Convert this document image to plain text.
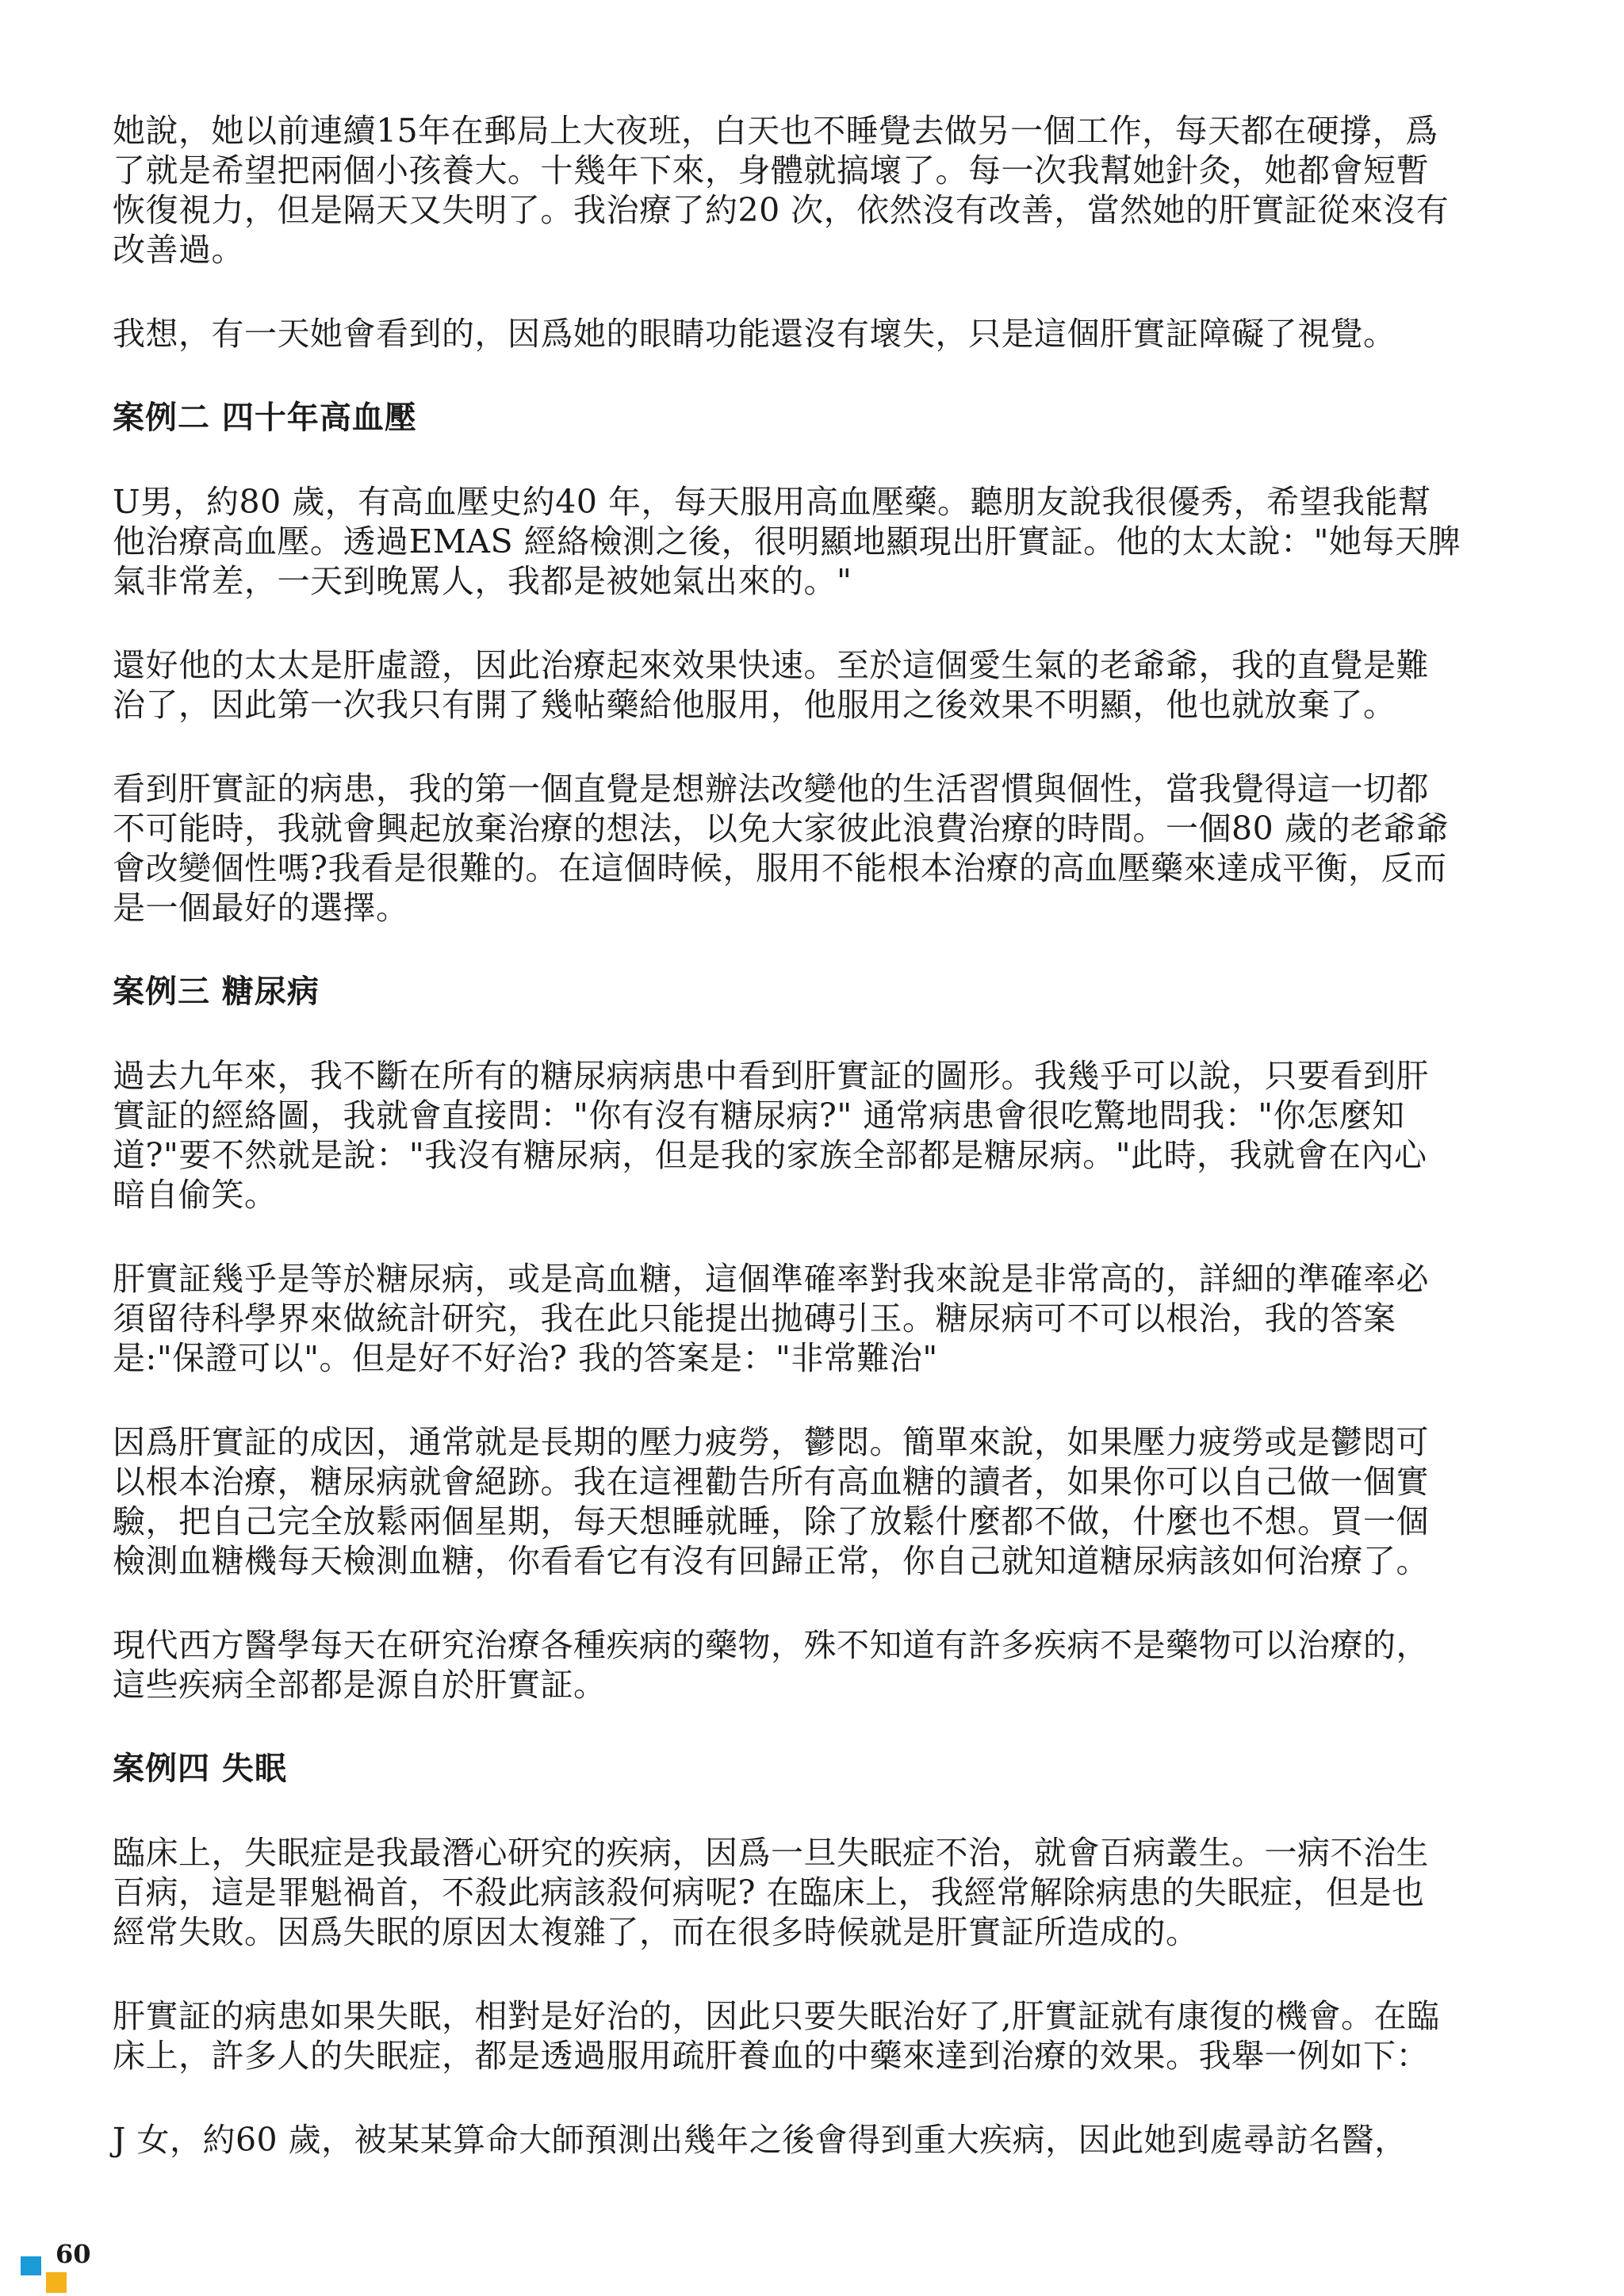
她說，她以前連續15年在郵局上大夜班，白天也不睡覺去做另一個工作，每天都在硬撐，爲
了就是希望把兩個小孩養大。十幾年下來，身體就搞壞了。每一次我幫她針灸，她都會短暫
恢復視力，但是隔天又失明了。我治療了約20 次，依然沒有改善，當然她的肝實証從來沒有
改善過。
我想，有一天她會看到的，因爲她的眼睛功能還沒有壞失，只是這個肝實証障礙了視覺。
案例二 四十年高血壓
U男，約80 歲，有高血壓史約40 年，每天服用高血壓藥。聽朋友說我很優秀，希望我能幫
他治療高血壓。透過EMAS 經絡檢測之後，很明顯地顯現出肝實証。他的太太說："她每天脾
氣非常差，一天到晚罵人，我都是被她氣出來的。"
還好他的太太是肝虛證，因此治療起來效果快速。至於這個愛生氣的老爺爺，我的直覺是難
治了，因此第一次我只有開了幾帖藥給他服用，他服用之後效果不明顯，他也就放棄了。
看到肝實証的病患，我的第一個直覺是想辦法改變他的生活習慣與個性，當我覺得這一切都
不可能時，我就會興起放棄治療的想法，以免大家彼此浪費治療的時間。一個80 歲的老爺爺
會改變個性嗎?我看是很難的。在這個時候，服用不能根本治療的高血壓藥來達成平衡，反而
是一個最好的選擇。
案例三 糖尿病
過去九年來，我不斷在所有的糖尿病病患中看到肝實証的圖形。我幾乎可以說，只要看到肝
實証的經絡圖，我就會直接問："你有沒有糖尿病?" 通常病患會很吃驚地問我："你怎麼知
道?"要不然就是說："我沒有糖尿病，但是我的家族全部都是糖尿病。"此時，我就會在內心
暗自偷笑。
肝實証幾乎是等於糖尿病，或是高血糖，這個準確率對我來說是非常高的，詳細的準確率必
須留待科學界來做統計研究，我在此只能提出拋磚引玉。糖尿病可不可以根治，我的答案
是:"保證可以"。但是好不好治? 我的答案是："非常難治"
因爲肝實証的成因，通常就是長期的壓力疲勞，鬱悶。簡單來說，如果壓力疲勞或是鬱悶可
以根本治療，糖尿病就會絕跡。我在這裡勸告所有高血糖的讀者，如果你可以自己做一個實
驗，把自己完全放鬆兩個星期，每天想睡就睡，除了放鬆什麼都不做，什麼也不想。買一個
檢測血糖機每天檢測血糖，你看看它有沒有回歸正常，你自己就知道糖尿病該如何治療了。
現代西方醫學每天在研究治療各種疾病的藥物，殊不知道有許多疾病不是藥物可以治療的，
這些疾病全部都是源自於肝實証。
案例四 失眠
臨床上，失眠症是我最潛心研究的疾病，因爲一旦失眠症不治，就會百病叢生。一病不治生
百病，這是罪魁禍首，不殺此病該殺何病呢? 在臨床上，我經常解除病患的失眠症，但是也
經常失敗。因爲失眠的原因太複雜了，而在很多時候就是肝實証所造成的。
肝實証的病患如果失眠，相對是好治的，因此只要失眠治好了,肝實証就有康復的機會。在臨
床上，許多人的失眠症，都是透過服用疏肝養血的中藥來達到治療的效果。我舉一例如下：
J 女，約60 歲，被某某算命大師預測出幾年之後會得到重大疾病，因此她到處尋訪名醫，
60
